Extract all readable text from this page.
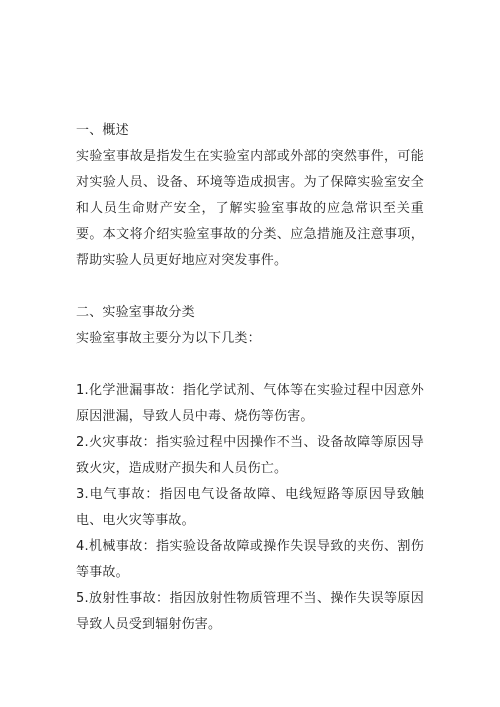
一、概述

实验室事故是指发生在实验室内部或外部的突然事件，可能对实验人员、设备、环境等造成损害。为了保障实验室安全和人员生命财产安全，了解实验室事故的应急常识至关重要。本文将介绍实验室事故的分类、应急措施及注意事项，帮助实验人员更好地应对突发事件。

二、实验室事故分类

实验室事故主要分为以下几类：

1.化学泄漏事故：指化学试剂、气体等在实验过程中因意外原因泄漏，导致人员中毒、烧伤等伤害。
2.火灾事故：指实验过程中因操作不当、设备故障等原因导致火灾，造成财产损失和人员伤亡。
3.电气事故：指因电气设备故障、电线短路等原因导致触电、电火灾等事故。
4.机械事故：指实验设备故障或操作失误导致的夹伤、割伤等事故。
5.放射性事故：指因放射性物质管理不当、操作失误等原因导致人员受到辐射伤害。
